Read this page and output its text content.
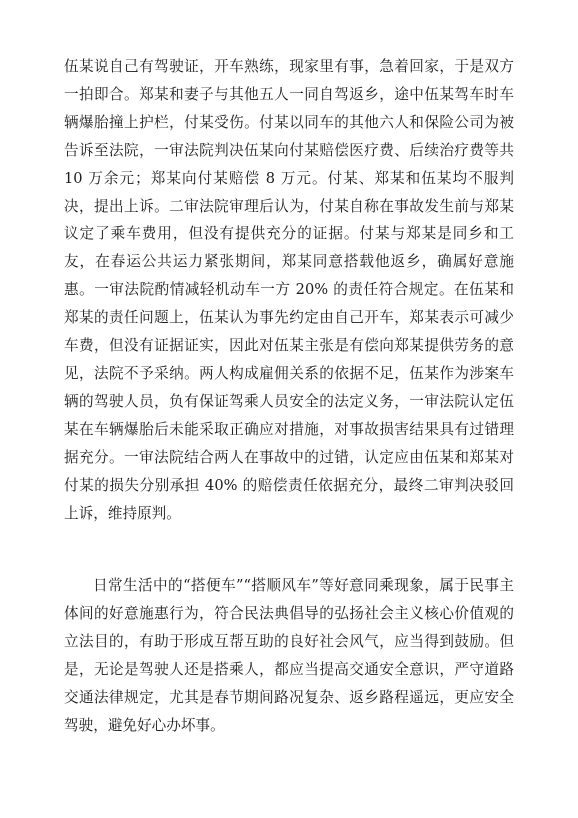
伍某说自己有驾驶证，开车熟练，现家里有事，急着回家，于是双方一拍即合。郑某和妻子与其他五人一同自驾返乡，途中伍某驾车时车辆爆胎撞上护栏，付某受伤。付某以同车的其他六人和保险公司为被告诉至法院，一审法院判决伍某向付某赔偿医疗费、后续治疗费等共 10 万余元；郑某向付某赔偿 8 万元。付某、郑某和伍某均不服判决，提出上诉。二审法院审理后认为，付某自称在事故发生前与郑某议定了乘车费用，但没有提供充分的证据。付某与郑某是同乡和工友，在春运公共运力紧张期间，郑某同意搭载他返乡，确属好意施惠。一审法院酌情减轻机动车一方 20% 的责任符合规定。在伍某和郑某的责任问题上，伍某认为事先约定由自己开车，郑某表示可减少车费，但没有证据证实，因此对伍某主张是有偿向郑某提供劳务的意见，法院不予采纳。两人构成雇佣关系的依据不足，伍某作为涉案车辆的驾驶人员，负有保证驾乘人员安全的法定义务，一审法院认定伍某在车辆爆胎后未能采取正确应对措施，对事故损害结果具有过错理据充分。一审法院结合两人在事故中的过错，认定应由伍某和郑某对付某的损失分别承担 40% 的赔偿责任依据充分，最终二审判决驳回上诉，维持原判。

日常生活中的“搭便车”“搭顺风车”等好意同乘现象，属于民事主体间的好意施惠行为，符合民法典倡导的弘扬社会主义核心价值观的立法目的，有助于形成互帮互助的良好社会风气，应当得到鼓励。但是，无论是驾驶人还是搭乘人，都应当提高交通安全意识，严守道路交通法律规定，尤其是春节期间路况复杂、返乡路程遥远，更应安全驾驶，避免好心办坏事。
